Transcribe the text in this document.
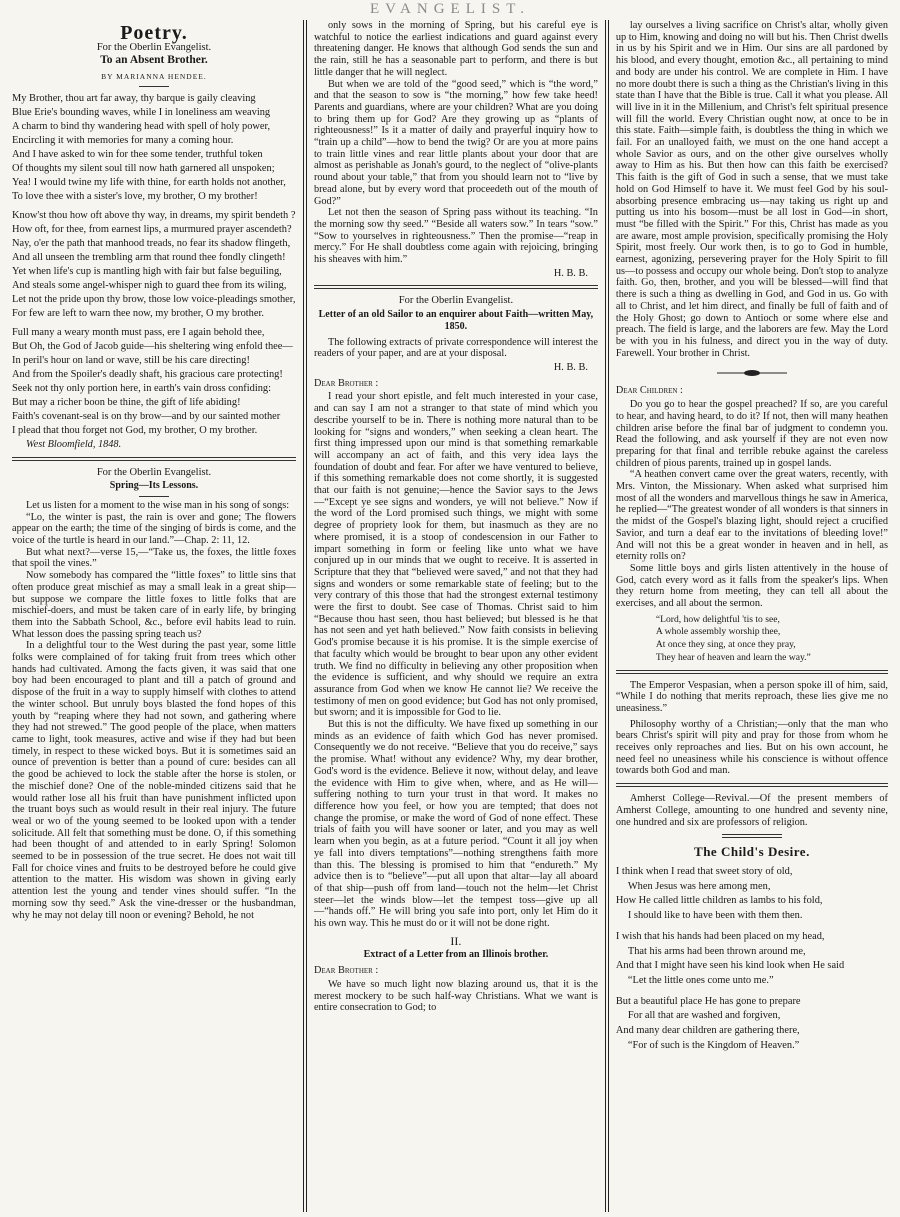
EVANGELIST.
Poetry.
For the Oberlin Evangelist.
To an Absent Brother.
BY MARIANNA HENDEE.
My Brother, thou art far away, thy barque is gaily cleaving
Blue Erie's bounding waves, while I in loneliness am weaving
A charm to bind thy wandering head with spell of holy power,
Encircling it with memories for many a coming hour.
And I have asked to win for thee some tender, truthful token
Of thoughts my silent soul till now hath garnered all unspoken;
Yea! I would twine my life with thine, for earth holds not another,
To love thee with a sister's love, my brother, O my brother!
Know'st thou how oft above thy way, in dreams, my spirit bendeth ?
How oft, for thee, from earnest lips, a murmured prayer ascendeth?
Nay, o'er the path that manhood treads, no fear its shadow flingeth,
And all unseen the trembling arm that round thee fondly clingeth!
Yet when life's cup is mantling high with fair but false beguiling,
And steals some angel-whisper nigh to guard thee from its wiling,
Let not the pride upon thy brow, those low voice-pleadings smother,
For few are left to warn thee now, my brother, O my brother.
Full many a weary month must pass, ere I again behold thee,
But Oh, the God of Jacob guide—his sheltering wing enfold thee—
In peril's hour on land or wave, still be his care directing!
And from the Spoiler's deadly shaft, his gracious care protecting!
Seek not thy only portion here, in earth's vain dross confiding:
But may a richer boon be thine, the gift of life abiding!
Faith's covenant-seal is on thy brow—and by our sainted mother
I plead that thou forget not God, my brother, O my brother.
West Bloomfield, 1848.
For the Oberlin Evangelist.
Spring—Its Lessons.

Let us listen for a moment to the wise man in his song of songs:

“Lo, the winter is past, the rain is over and gone; The flowers appear on the earth; the time of the singing of birds is come, and the voice of the turtle is heard in our land.”—Chap. 2: 11, 12.

But what next?—verse 15,—“Take us, the foxes, the little foxes that spoil the vines.”

Now somebody has compared the “little foxes” to little sins that often produce great mischief as may a small leak in a great ship—but suppose we compare the little foxes to little folks that are mischief-doers, and must be taken care of in early life, by bringing them into the Sabbath School, &c., before evil habits lead to ruin. What lesson does the passing spring teach us?

In a delightful tour to the West during the past year, some little folks were complained of for taking fruit from trees which other hands had cultivated. Among the facts given, it was said that one boy had been encouraged to plant and till a patch of ground and dispose of the fruit in a way to supply himself with clothes to attend the winter school. But unruly boys blasted the fond hopes of this youth by “reaping where they had not sown, and gathering where they had not strewed.” The good people of the place, when matters came to light, took measures, active and wise if they had but been timely, in respect to these wicked boys. But it is sometimes said an ounce of prevention is better than a pound of cure: besides can all the good be achieved to lock the stable after the horse is stolen, or the mischief done? One of the noble-minded citizens said that he would rather lose all his fruit than have punishment inflicted upon the truant boys such as would result in their real injury. The future weal or wo of the young seemed to be looked upon with a tender solicitude. All felt that something must be done. O, if this something had been thought of and attended to in early Spring! Solomon seemed to be in possession of the true secret. He does not wait till Fall for choice vines and fruits to be destroyed before he could give attention to the matter. His wisdom was shown in giving early attention lest the young and tender vines should suffer. “In the morning sow thy seed.” Ask the vine-dresser or the husbandman, why he may not delay till noon or evening? Behold, he not

only sows in the morning of Spring, but his careful eye is watchful to notice the earliest indications and guard against every threatening danger. He knows that although God sends the sun and the rain, still he has a seasonable part to perform, and there is but little danger that he will neglect.

But when we are told of the “good seed,” which is “the word,” and that the season to sow is “the morning,” how few take heed! Parents and guardians, where are your children? What are you doing to bring them up for God? Are they growing up as “plants of righteousness!” Is it a matter of daily and prayerful inquiry how to “train up a child”—how to bend the twig? Or are you at more pains to train little vines and rear little plants about your door that are almost as perishable as Jonah's gourd, to the neglect of “olive-plants round about your table,” that from you should learn not to “live by bread alone, but by every word that proceedeth out of the mouth of God?”

Let not then the season of Spring pass without its teaching. “In the morning sow thy seed.” “Beside all waters sow.” In tears “sow.” “Sow to yourselves in righteousness.” Then the promise—“reap in mercy.” For He shall doubtless come again with rejoicing, bringing his sheaves with him.”

H. B. B.
For the Oberlin Evangelist.
Letter of an old Sailor to an enquirer about Faith—written May, 1850.

The following extracts of private correspondence will interest the readers of your paper, and are at your disposal.

H. B. B.
Dear Brother :

I read your short epistle, and felt much interested in your case, and can say I am not a stranger to that state of mind which you describe yourself to be in. There is nothing more natural than to be looking for “signs and wonders,” when seeking a clean heart. The first thing impressed upon our mind is that something remarkable will accompany an act of faith, and this very idea lays the foundation of doubt and fear. For after we have ventured to believe, if this something remarkable does not come shortly, it is suggested that our faith is not genuine;—hence the Savior says to the Jews—“Except ye see signs and wonders, ye will not believe.” Now if the word of the Lord promised such things, we might with some degree of propriety look for them, but inasmuch as they are no where promised, it is a stoop of condescension in our Father to impart something in form or feeling like unto what we have conjured up in our minds that we ought to receive. It is asserted in Scripture that they that “believed were saved,” and not that they had signs and wonders or some remarkable state of feeling; but to the very contrary of this those that had the strongest external testimony were the first to doubt. See case of Thomas. Christ said to him “Because thou hast seen, thou hast believed; but blessed is he that has not seen and yet hath believed.” Now faith consists in believing God's promise because it is his promise. It is the simple exercise of that faculty which would be brought to bear upon any other evident truth. We find no difficulty in believing any other proposition when the evidence is sufficient, and why should we require an extra assurance from God when we know He cannot lie? We receive the testimony of men on good evidence; but God has not only promised, but sworn; and it is impossible for God to lie.

But this is not the difficulty. We have fixed up something in our minds as an evidence of faith which God has never promised. Consequently we do not receive. “Believe that you do receive,” says the promise. What! without any evidence? Why, my dear brother, God's word is the evidence. Believe it now, without delay, and leave the evidence with Him to give when, where, and as He will—suffering nothing to turn your trust in that word. It makes no difference how you feel, or how you are tempted; that does not change the promise, or make the word of God of none effect. These trials of faith you will have sooner or later, and you may as well learn when you begin, as at a future period. “Count it all joy when ye fall into divers temptations”—nothing strengthens faith more than this. The blessing is promised to him that “endureth.” My advice then is to “believe”—put all upon that altar—lay all aboard of that ship—push off from land—touch not the helm—let Christ steer—let the winds blow—let the tempest toss—give up all—“hands off.” He will bring you safe into port, only let Him do it his own way. This he must do or it will not be done right.

II.
Extract of a Letter from an Illinois brother.
Dear Brother :

We have so much light now blazing around us, that it is the merest mockery to be such half-way Christians. What we want is entire consecration to God; to

lay ourselves a living sacrifice on Christ's altar, wholly given up to Him, knowing and doing no will but his. Then Christ dwells in us by his Spirit and we in Him. Our sins are all pardoned by his blood, and every thought, emotion &c., all pertaining to mind and body are under his control. We are complete in Him. I have no more doubt there is such a thing as the Christian's living in this state than I have that the Bible is true. Call it what you please. All will live in it in the Millenium, and Christ's felt spiritual presence will fill the world. Every Christian ought now, at once to be in this state. Faith—simple faith, is doubtless the thing in which we fail. For an unalloyed faith, we must on the one hand accept a whole Savior as ours, and on the other give ourselves wholly away to Him as his. But then how can this faith be exercised? This faith is the gift of God in such a sense, that we must take hold on God Himself to have it. We must feel God by his soul-absorbing presence embracing us—nay taking us right up and putting us into his bosom—must be all lost in God—in short, must “be filled with the Spirit.” For this, Christ has made as you are aware, most ample provision, specifically promising the Holy Spirit, most freely. Our work then, is to go to God in humble, earnest, agonizing, persevering prayer for the Holy Spirit to fill us—to possess and occupy our whole being. Don't stop to analyze faith. Go, then, brother, and you will be blessed—will find that there is such a thing as dwelling in God, and God in us. Go with all to Christ, and let him direct, and finally be full of faith and of the Holy Ghost; go down to Antioch or some where else and preach. The field is large, and the laborers are few. May the Lord be with you in his fulness, and direct you in the way of duty. Farewell. Your brother in Christ.

Dear Children :

Do you go to hear the gospel preached? If so, are you careful to hear, and having heard, to do it? If not, then will many heathen children arise before the final bar of judgment to condemn you. Read the following, and ask yourself if they are not even now preparing for that final and terrible rebuke against the careless children of pious parents, trained up in gospel lands.

“A heathen convert came over the great waters, recently, with Mrs. Vinton, the Missionary. When asked what surprised him most of all the wonders and marvellous things he saw in America, he replied—“The greatest wonder of all wonders is that sinners in the midst of the Gospel's blazing light, should reject a crucified Savior, and turn a deaf ear to the invitations of bleeding love!” And will not this be a great wonder in heaven and in hell, as eternity rolls on?

Some little boys and girls listen attentively in the house of God, catch every word as it falls from the speaker's lips. When they return home from meeting, they can tell all about the exercises, and all about the sermon.

“Lord, how delightful 'tis to see,
A whole assembly worship thee,
At once they sing, at once they pray,
They hear of heaven and learn the way.”

The Emperor Vespasian, when a person spoke ill of him, said, “While I do nothing that merits reproach, these lies give me no uneasiness.”

Philosophy worthy of a Christian;—only that the man who bears Christ's spirit will pity and pray for those from whom he receives only reproaches and lies. But on his own account, he need feel no uneasiness while his conscience is without offence towards both God and man.

Amherst College—Revival.—Of the present members of Amherst College, amounting to one hundred and seventy nine, one hundred and six are professors of religion.

The Child's Desire.
I think when I read that sweet story of old,
When Jesus was here among men,
How He called little children as lambs to his fold,
I should like to have been with them then.
I wish that his hands had been placed on my head,
That his arms had been thrown around me,
And that I might have seen his kind look when He said
“Let the little ones come unto me.”
But a beautiful place He has gone to prepare
For all that are washed and forgiven,
And many dear children are gathering there,
“For of such is the Kingdom of Heaven.”
